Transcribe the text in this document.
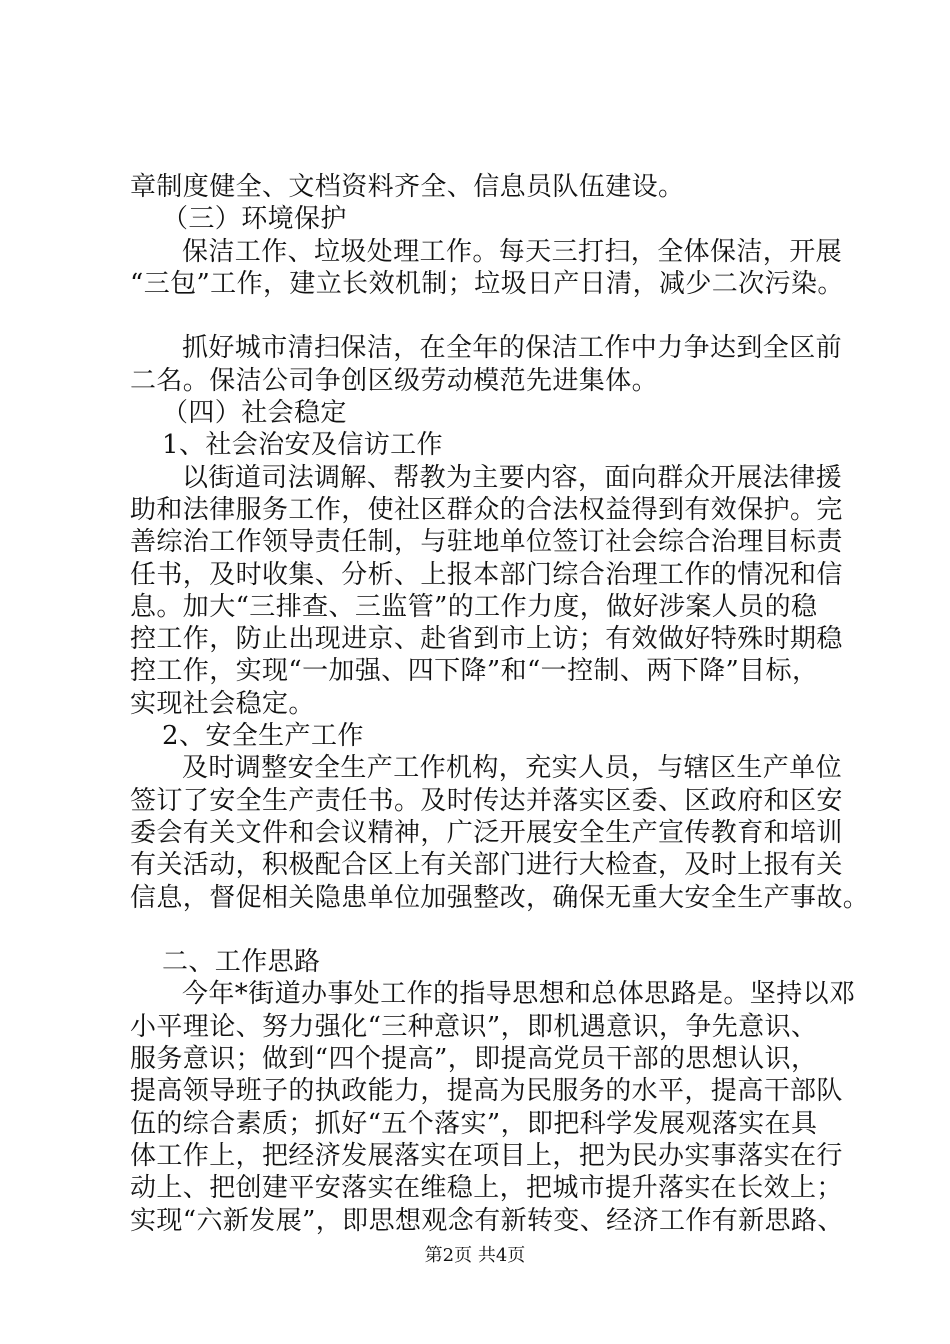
章制度健全、文档资料齐全、信息员队伍建设。
（三）环境保护
保洁工作、垃圾处理工作。每天三打扫，全体保洁，开展
“三包”工作，建立长效机制；垃圾日产日清，减少二次污染。
抓好城市清扫保洁，在全年的保洁工作中力争达到全区前
二名。保洁公司争创区级劳动模范先进集体。
（四）社会稳定
1、社会治安及信访工作
以街道司法调解、帮教为主要内容，面向群众开展法律援
助和法律服务工作，使社区群众的合法权益得到有效保护。完
善综治工作领导责任制，与驻地单位签订社会综合治理目标责
任书，及时收集、分析、上报本部门综合治理工作的情况和信
息。加大“三排查、三监管”的工作力度，做好涉案人员的稳
控工作，防止出现进京、赴省到市上访；有效做好特殊时期稳
控工作，实现“一加强、四下降”和“一控制、两下降”目标，
实现社会稳定。
2、安全生产工作
及时调整安全生产工作机构，充实人员，与辖区生产单位
签订了安全生产责任书。及时传达并落实区委、区政府和区安
委会有关文件和会议精神，广泛开展安全生产宣传教育和培训
有关活动，积极配合区上有关部门进行大检查，及时上报有关
信息，督促相关隐患单位加强整改，确保无重大安全生产事故。
二、工作思路
今年*街道办事处工作的指导思想和总体思路是。坚持以邓
小平理论、努力强化“三种意识”，即机遇意识，争先意识、
服务意识；做到“四个提高”，即提高党员干部的思想认识，
提高领导班子的执政能力，提高为民服务的水平，提高干部队
伍的综合素质；抓好“五个落实”，即把科学发展观落实在具
体工作上，把经济发展落实在项目上，把为民办实事落实在行
动上、把创建平安落实在维稳上，把城市提升落实在长效上；
实现“六新发展”，即思想观念有新转变、经济工作有新思路、
第2页 共4页
